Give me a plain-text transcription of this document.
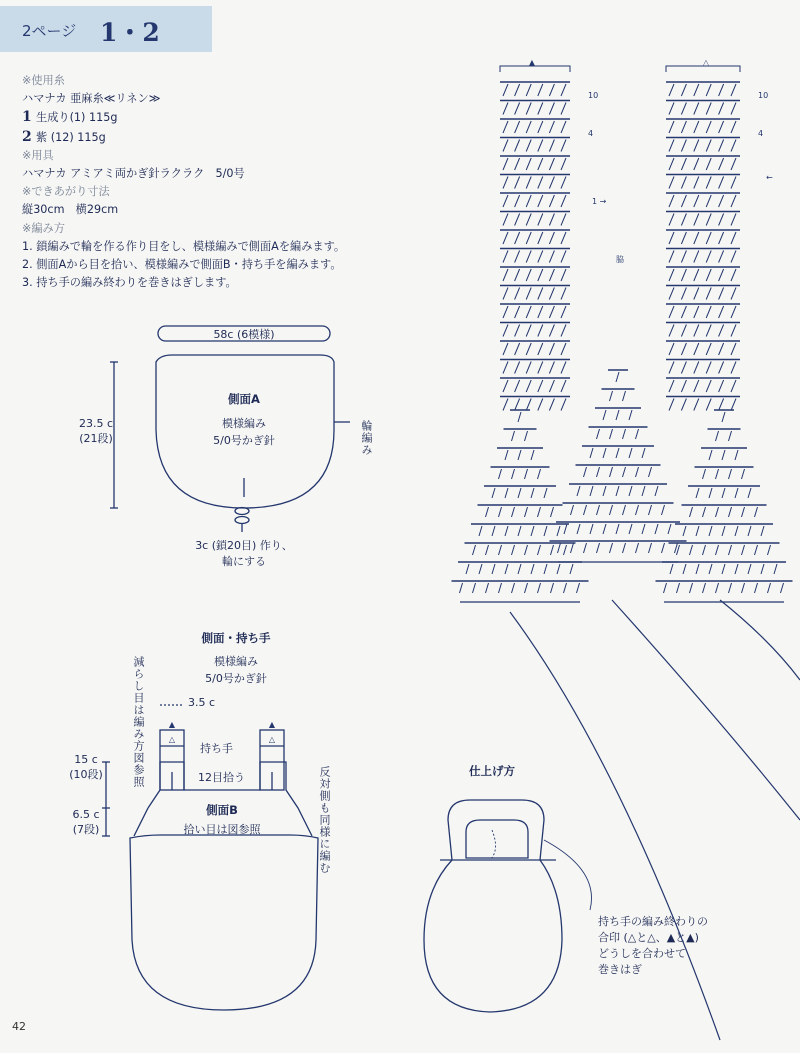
2ページ 1・2
※使用糸
ハマナカ 亜麻糸≪リネン≫
1 生成り(1) 115g
2 紫 (12) 115g
※用具
ハマナカ アミアミ両かぎ針ラクラク　5/0号
※できあがり寸法
縦30cm　横29cm
※編み方
1. 鎖編みで輪を作る作り目をし、模様編みで側面Aを編みます。
2. 側面Aから目を拾い、模様編みで側面B・持ち手を編みます。
3. 持ち手の編み終わりを巻きはぎします。
58c (6模様)
側面A
模様編み
5/0号かぎ針
23.5 c
(21段)
3c (鎖20目) 作り、
輪にする
側面・持ち手
模様編み
5/0号かぎ針
3.5 c
持ち手
12目拾う
15 c
(10段)
6.5 c
(7段)
側面B
拾い目は図参照
▲	▲
△	△
仕上げ方
持ち手の編み終わりの
合印 (△と△、▲と▲)
どうしを合わせて
巻きはぎ
▲	△
10	10
4	4
1 →
←
脇
輪編み
減らし目は編み方図参照
反対側も同様に編む
42
